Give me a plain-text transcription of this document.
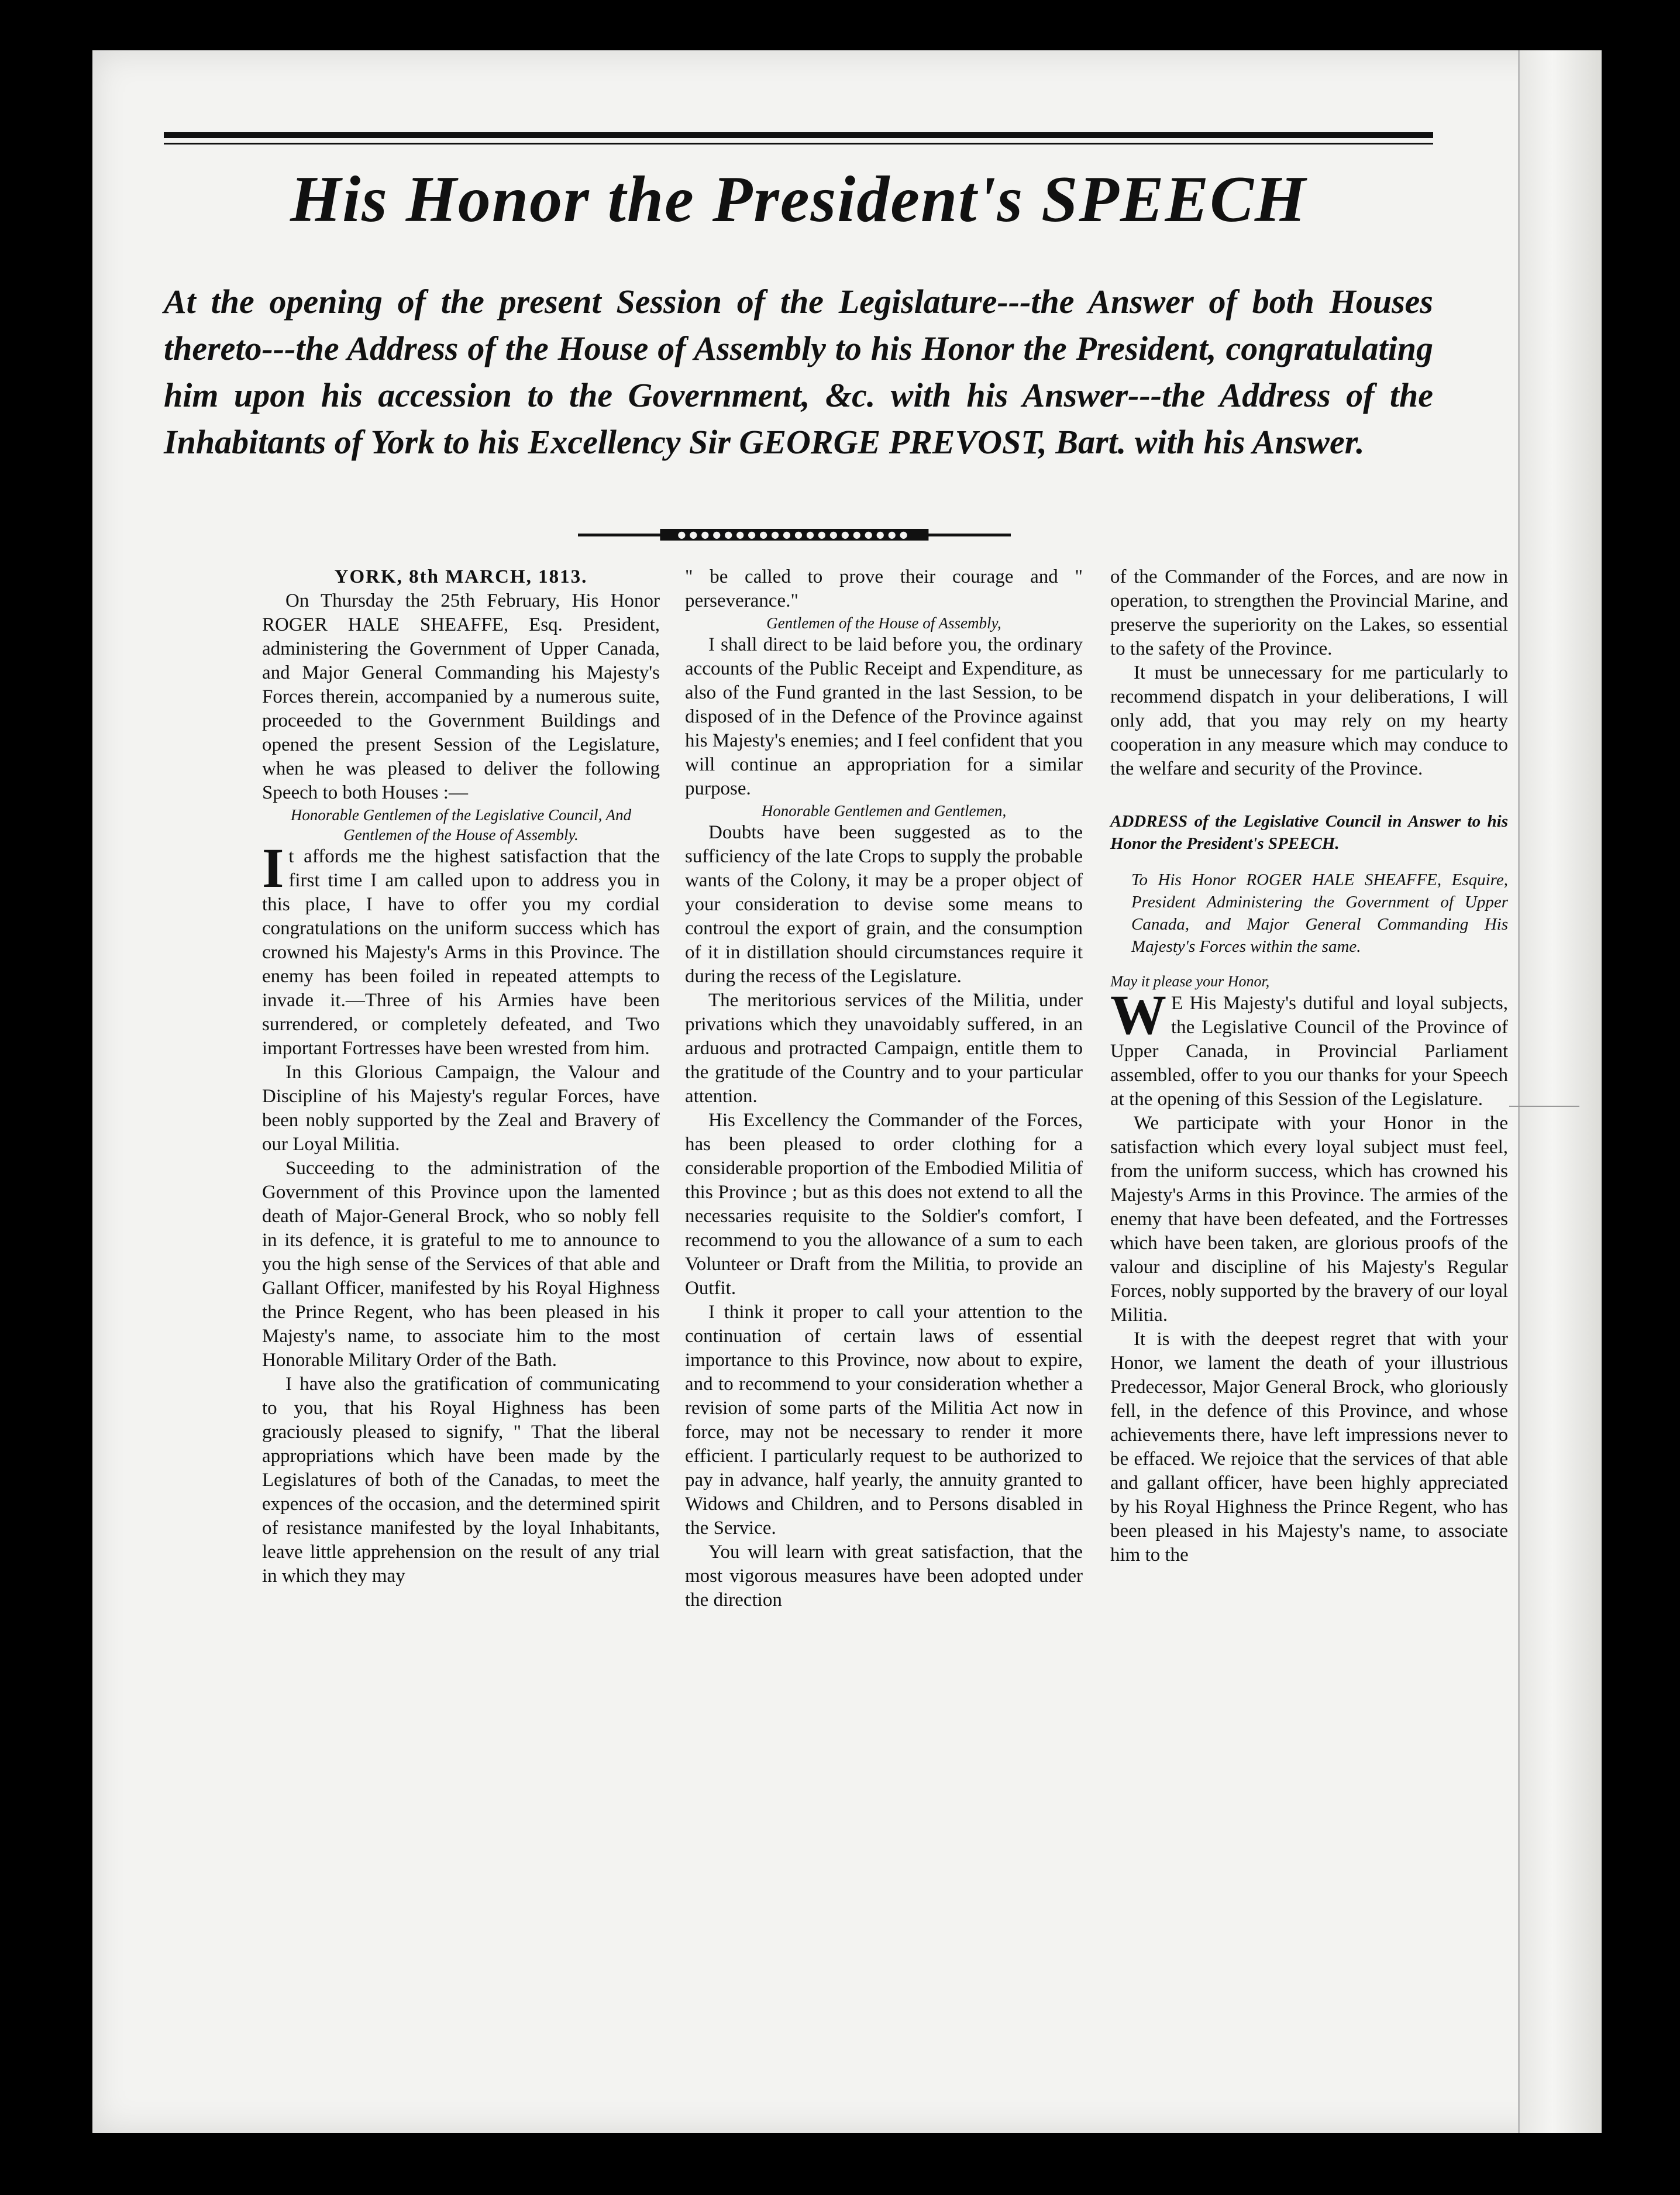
His Honor the President's SPEECH
At the opening of the present Session of the Legislature---the Answer of both Houses thereto---the Address of the House of Assembly to his Honor the President, congratulating him upon his accession to the Government, &c. with his Answer---the Address of the Inhabitants of York to his Excellency Sir GEORGE PREVOST, Bart. with his Answer.
●●●●●●●●●●●●●●●●●●●●

YORK, 8th MARCH, 1813.

On Thursday the 25th February, His Honor ROGER HALE SHEAFFE, Esq. President, administering the Government of Upper Canada, and Major General Commanding his Majesty's Forces therein, accompanied by a numerous suite, proceeded to the Government Buildings and opened the present Session of the Legislature, when he was pleased to deliver the following Speech to both Houses :—

Honorable Gentlemen of the Legislative Council, And Gentlemen of the House of Assembly.

It affords me the highest satisfaction that the first time I am called upon to address you in this place, I have to offer you my cordial congratulations on the uniform success which has crowned his Majesty's Arms in this Province. The enemy has been foiled in repeated attempts to invade it.—Three of his Armies have been surrendered, or completely defeated, and Two important Fortresses have been wrested from him.

In this Glorious Campaign, the Valour and Discipline of his Majesty's regular Forces, have been nobly supported by the Zeal and Bravery of our Loyal Militia.

Succeeding to the administration of the Government of this Province upon the lamented death of Major-General Brock, who so nobly fell in its defence, it is grateful to me to announce to you the high sense of the Services of that able and Gallant Officer, manifested by his Royal Highness the Prince Regent, who has been pleased in his Majesty's name, to associate him to the most Honorable Military Order of the Bath.

I have also the gratification of communicating to you, that his Royal Highness has been graciously pleased to signify, " That the liberal appropriations which have been made by the Legislatures of both of the Canadas, to meet the expences of the occasion, and the determined spirit of resistance manifested by the loyal Inhabitants, leave little apprehension on the result of any trial in which they may

" be called to prove their courage and " perseverance."

Gentlemen of the House of Assembly,

I shall direct to be laid before you, the ordinary accounts of the Public Receipt and Expenditure, as also of the Fund granted in the last Session, to be disposed of in the Defence of the Province against his Majesty's enemies; and I feel confident that you will continue an appropriation for a similar purpose.

Honorable Gentlemen and Gentlemen,

Doubts have been suggested as to the sufficiency of the late Crops to supply the probable wants of the Colony, it may be a proper object of your consideration to devise some means to controul the export of grain, and the consumption of it in distillation should circumstances require it during the recess of the Legislature.

The meritorious services of the Militia, under privations which they unavoidably suffered, in an arduous and protracted Campaign, entitle them to the gratitude of the Country and to your particular attention.

His Excellency the Commander of the Forces, has been pleased to order clothing for a considerable proportion of the Embodied Militia of this Province ; but as this does not extend to all the necessaries requisite to the Soldier's comfort, I recommend to you the allowance of a sum to each Volunteer or Draft from the Militia, to provide an Outfit.

I think it proper to call your attention to the continuation of certain laws of essential importance to this Province, now about to expire, and to recommend to your consideration whether a revision of some parts of the Militia Act now in force, may not be necessary to render it more efficient. I particularly request to be authorized to pay in advance, half yearly, the annuity granted to Widows and Children, and to Persons disabled in the Service.

You will learn with great satisfaction, that the most vigorous measures have been adopted under the direction

of the Commander of the Forces, and are now in operation, to strengthen the Provincial Marine, and preserve the superiority on the Lakes, so essential to the safety of the Province.

It must be unnecessary for me particularly to recommend dispatch in your deliberations, I will only add, that you may rely on my hearty cooperation in any measure which may conduce to the welfare and security of the Province.

ADDRESS of the Legislative Council in Answer to his Honor the President's SPEECH.

To His Honor ROGER HALE SHEAFFE, Esquire, President Administering the Government of Upper Canada, and Major General Commanding His Majesty's Forces within the same.

May it please your Honor,

WE His Majesty's dutiful and loyal subjects, the Legislative Council of the Province of Upper Canada, in Provincial Parliament assembled, offer to you our thanks for your Speech at the opening of this Session of the Legislature.

We participate with your Honor in the satisfaction which every loyal subject must feel, from the uniform success, which has crowned his Majesty's Arms in this Province. The armies of the enemy that have been defeated, and the Fortresses which have been taken, are glorious proofs of the valour and discipline of his Majesty's Regular Forces, nobly supported by the bravery of our loyal Militia.

It is with the deepest regret that with your Honor, we lament the death of your illustrious Predecessor, Major General Brock, who gloriously fell, in the defence of this Province, and whose achievements there, have left impressions never to be effaced. We rejoice that the services of that able and gallant officer, have been highly appreciated by his Royal Highness the Prince Regent, who has been pleased in his Majesty's name, to associate him to the
